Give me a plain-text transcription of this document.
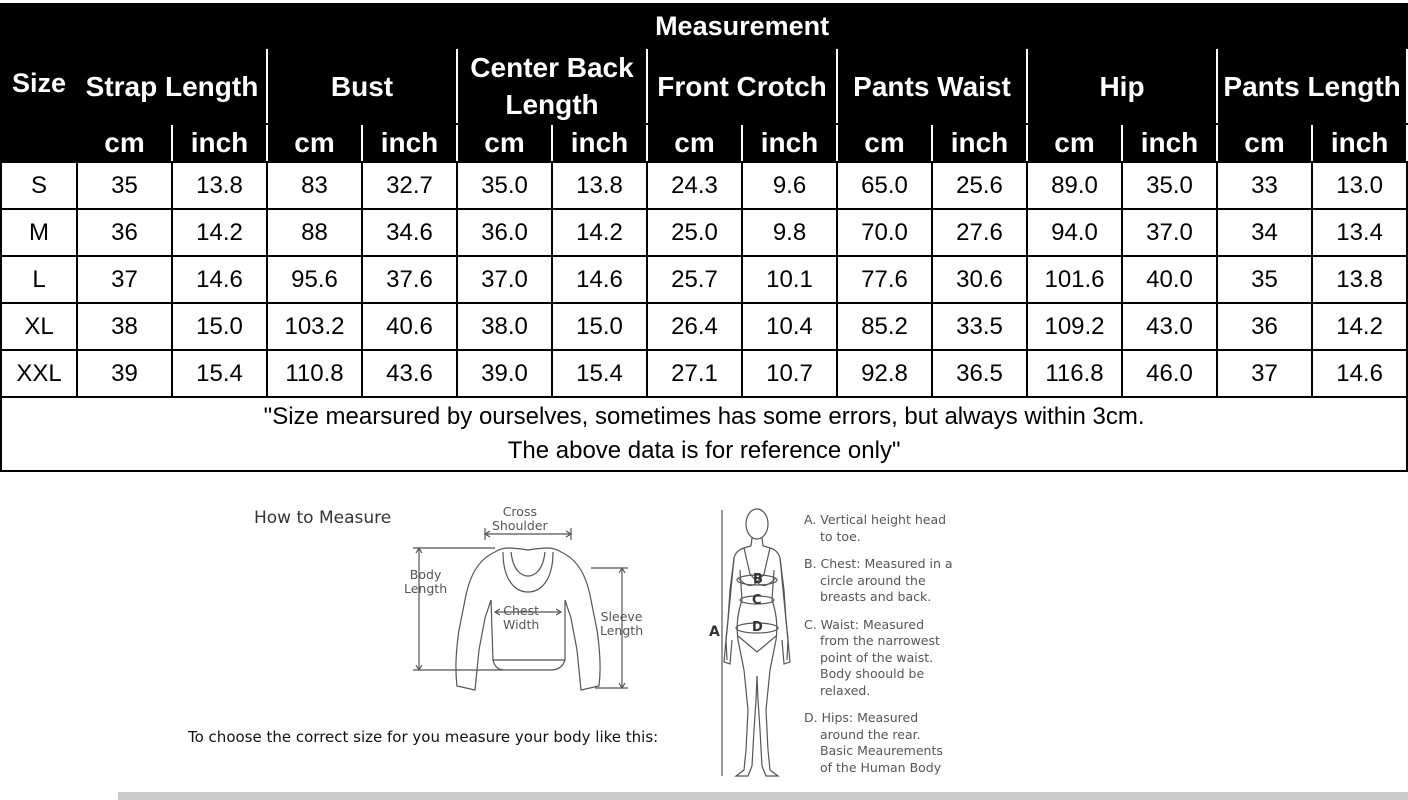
Size	Measurement													
	Strap Length		Bust		Center Back Length		Front Crotch		Pants Waist		Hip		Pants Length	
	cm	inch	cm	inch	cm	inch	cm	inch	cm	inch	cm	inch	cm	inch
S	35	13.8	83	32.7	35.0	13.8	24.3	9.6	65.0	25.6	89.0	35.0	33	13.0
M	36	14.2	88	34.6	36.0	14.2	25.0	9.8	70.0	27.6	94.0	37.0	34	13.4
L	37	14.6	95.6	37.6	37.0	14.6	25.7	10.1	77.6	30.6	101.6	40.0	35	13.8
XL	38	15.0	103.2	40.6	38.0	15.0	26.4	10.4	85.2	33.5	109.2	43.0	36	14.2
XXL	39	15.4	110.8	43.6	39.0	15.4	27.1	10.7	92.8	36.5	116.8	46.0	37	14.6

"Size mearsured by ourselves, sometimes has some errors, but always within 3cm.
The above data is for reference only"														
How to Measure	Cross
Shoulder
Body
Length
Chest
Width
Sleeve
Length
To choose the correct size for you measure your body like this:
A
B
C
D
A. Vertical height head
to toe.
B. Chest: Measured in a
circle around the
breasts and back.
C. Waist: Measured
from the narrowest
point of the waist.
Body shoould be
relaxed.
D. Hips: Measured
around the rear.
Basic Meaurements
of the Human Body
